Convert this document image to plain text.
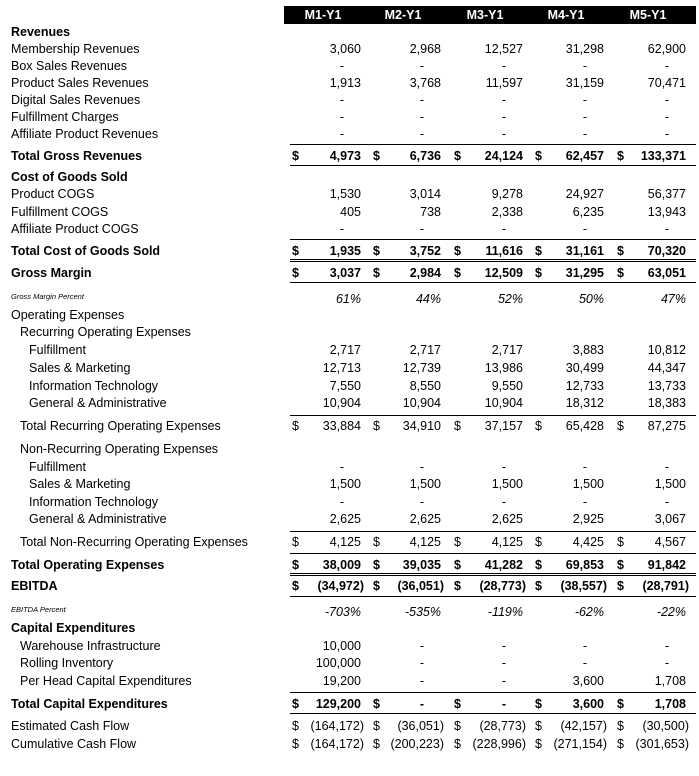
M1-Y1	M2-Y1	M3-Y1	M4-Y1	M5-Y1
Revenues
Membership Revenues	3,060	2,968	12,527	31,298	62,900
Box Sales Revenues	-	-	-	-	-
Product Sales Revenues	1,913	3,768	11,597	31,159	70,471
Digital Sales Revenues	-	-	-	-	-
Fulfillment Charges	-	-	-	-	-
Affiliate Product Revenues	-	-	-	-	-
Total Gross Revenues	$ 4,973 $ 6,736 $ 24,124 $ 62,457 $ 133,371
Cost of Goods Sold
Product COGS	1,530	3,014	9,278	24,927	56,377
Fulfillment COGS	405	738	2,338	6,235	13,943
Affiliate Product COGS	-	-	-	-	-
Total Cost of Goods Sold	$ 1,935 $ 3,752 $ 11,616 $ 31,161 $ 70,320
Gross Margin	$ 3,037 $ 2,984 $ 12,509 $ 31,295 $ 63,051
Gross Margin Percent	61%	44%	52%	50%	47%
Operating Expenses
Recurring Operating Expenses
Fulfillment	2,717	2,717	2,717	3,883	10,812
Sales & Marketing	12,713	12,739	13,986	30,499	44,347
Information Technology	7,550	8,550	9,550	12,733	13,733
General & Administrative	10,904	10,904	10,904	18,312	18,383
Total Recurring Operating Expenses	$ 33,884 $ 34,910 $ 37,157 $ 65,428 $ 87,275
Non-Recurring Operating Expenses
Fulfillment	-	-	-	-	-
Sales & Marketing	1,500	1,500	1,500	1,500	1,500
Information Technology	-	-	-	-	-
General & Administrative	2,625	2,625	2,625	2,925	3,067
Total Non-Recurring Operating Expenses	$ 4,125 $ 4,125 $ 4,125 $ 4,425 $ 4,567
Total Operating Expenses	$ 38,009 $ 39,035 $ 41,282 $ 69,853 $ 91,842
EBITDA	$ (34,972) $ (36,051) $ (28,773) $ (38,557) $ (28,791)
EBITDA Percent	-703%	-535%	-119%	-62%	-22%
Capital Expenditures
Warehouse Infrastructure	10,000	-	-	-	-
Rolling Inventory	100,000	-	-	-	-
Per Head Capital Expenditures	19,200	-	-	3,600	1,708
Total Capital Expenditures	$ 129,200 $	- $	- $ 3,600 $ 1,708
Estimated Cash Flow	$ (164,172) $ (36,051) $ (28,773) $ (42,157) $ (30,500)
Cumulative Cash Flow	$ (164,172) $ (200,223) $ (228,996) $ (271,154) $ (301,653)
